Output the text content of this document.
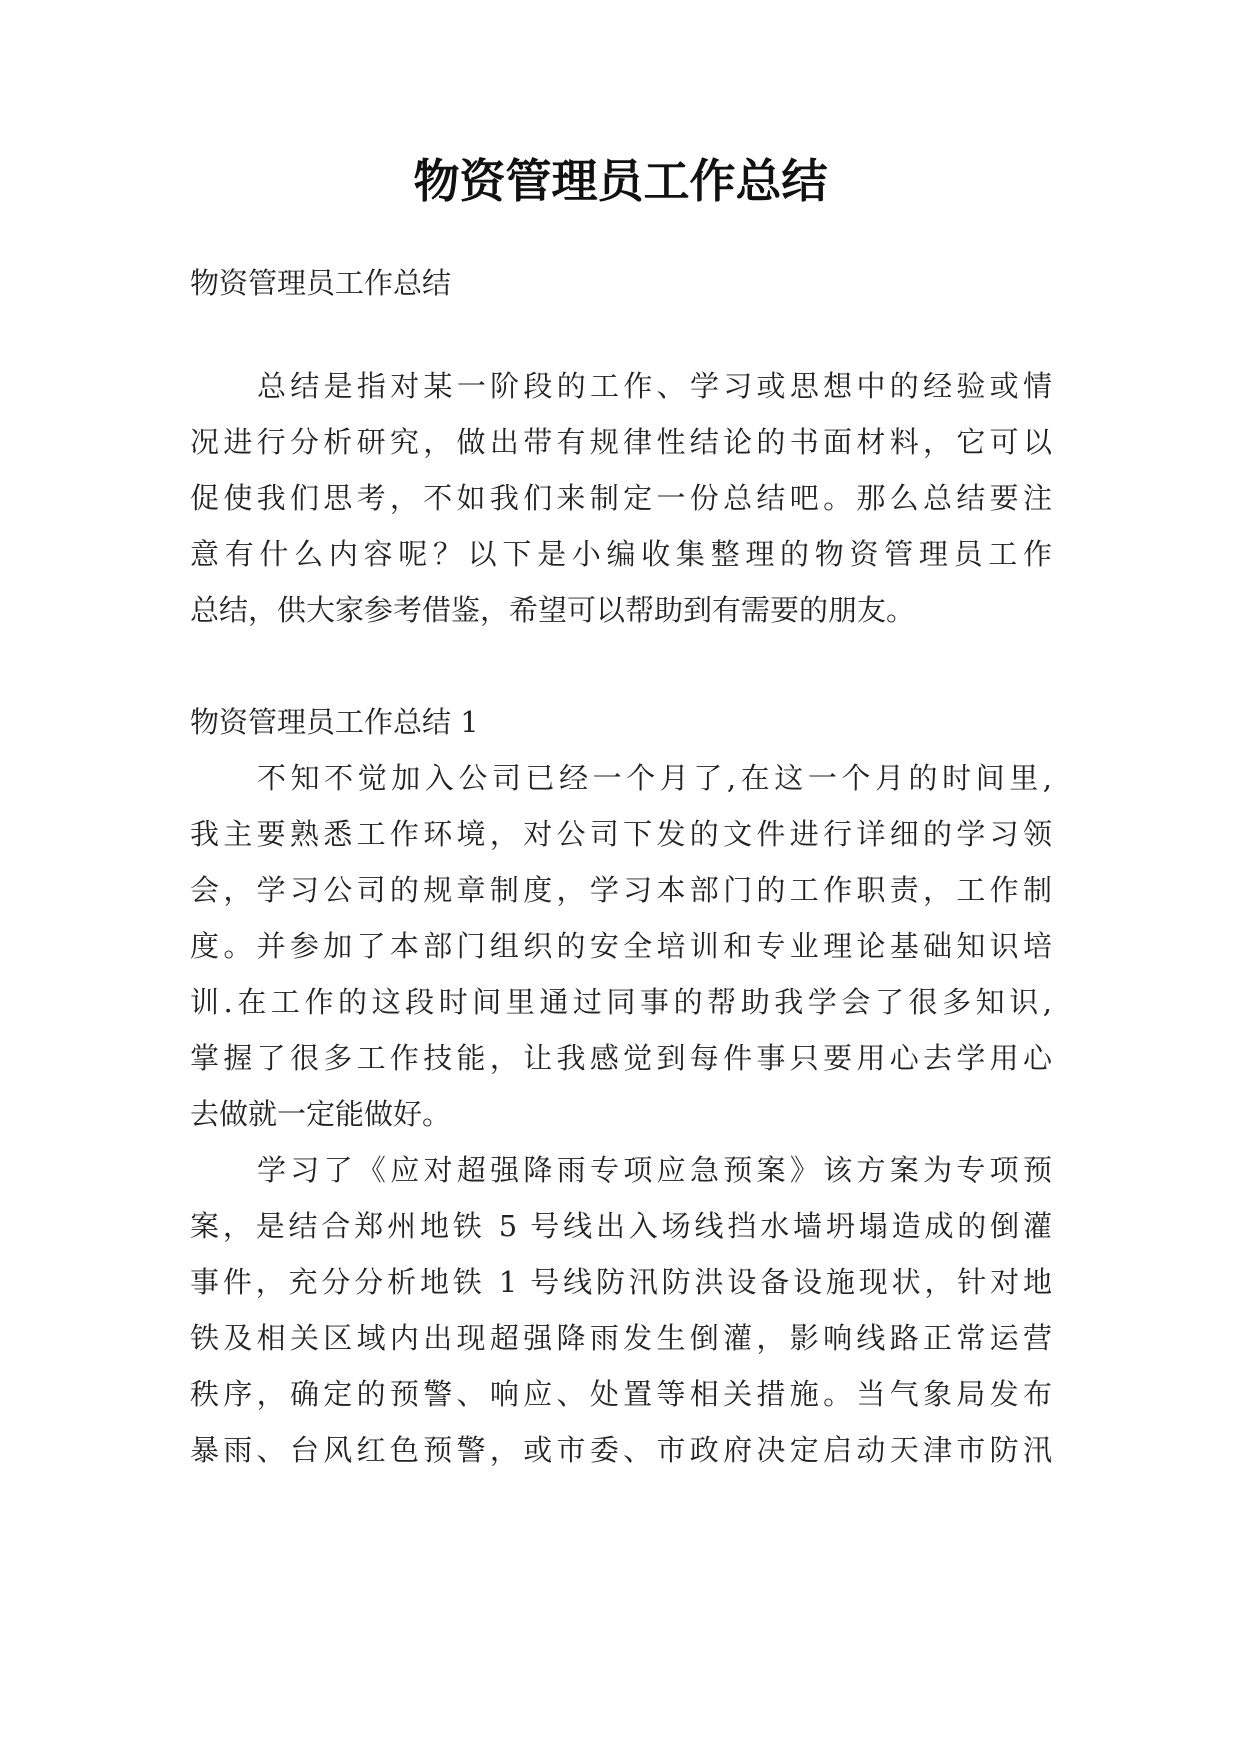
物资管理员工作总结

物资管理员工作总结

总结是指对某一阶段的工作、学习或思想中的经验或情

况进行分析研究，做出带有规律性结论的书面材料，它可以

促使我们思考，不如我们来制定一份总结吧。那么总结要注

意有什么内容呢？以下是小编收集整理的物资管理员工作

总结，供大家参考借鉴，希望可以帮助到有需要的朋友。

物资管理员工作总结 1

不知不觉加入公司已经一个月了,在这一个月的时间里,

我主要熟悉工作环境，对公司下发的文件进行详细的学习领

会，学习公司的规章制度，学习本部门的工作职责，工作制

度。并参加了本部门组织的安全培训和专业理论基础知识培

训.在工作的这段时间里通过同事的帮助我学会了很多知识,

掌握了很多工作技能，让我感觉到每件事只要用心去学用心

去做就一定能做好。

学习了《应对超强降雨专项应急预案》该方案为专项预

案，是结合郑州地铁 5 号线出入场线挡水墙坍塌造成的倒灌

事件，充分分析地铁 1 号线防汛防洪设备设施现状，针对地

铁及相关区域内出现超强降雨发生倒灌，影响线路正常运营

秩序，确定的预警、响应、处置等相关措施。当气象局发布

暴雨、台风红色预警，或市委、市政府决定启动天津市防汛
